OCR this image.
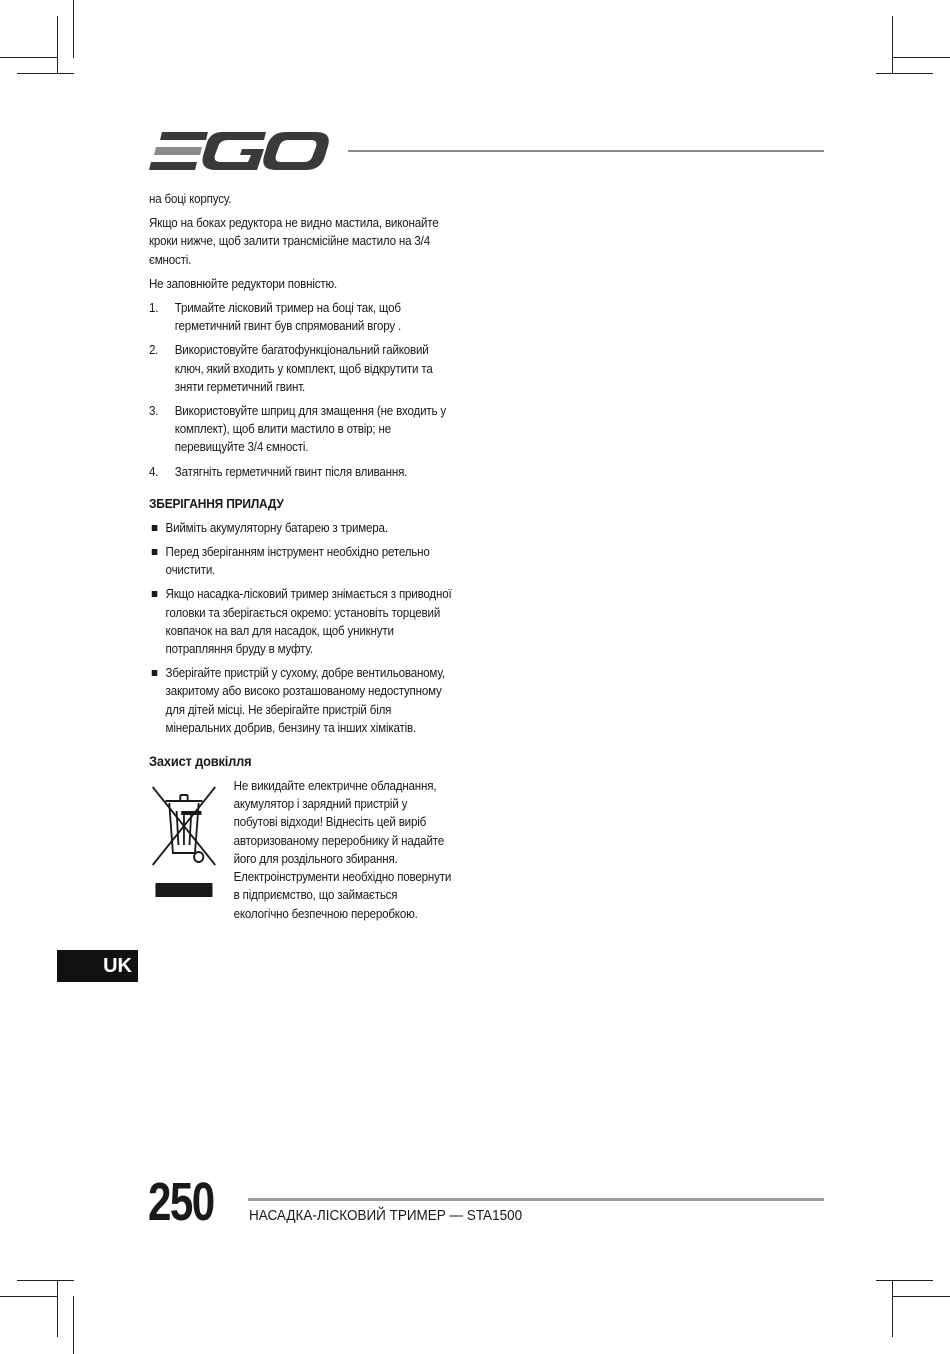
на боці корпусу.

Якщо на боках редуктора не видно мастила, виконайте кроки нижче, щоб залити трансмісійне мастило на 3/4 ємності.

Не заповнюйте редуктори повністю.

1. Тримайте лісковий тример на боці так, щоб герметичний гвинт був спрямований вгору .
2. Використовуйте багатофункціональний гайковий ключ, який входить у комплект, щоб відкрутити та зняти герметичний гвинт.
3. Використовуйте шприц для змащення (не входить у комплект), щоб влити мастило в отвір; не перевищуйте 3/4 ємності.
4. Затягніть герметичний гвинт після вливання.
ЗБЕРІГАННЯ ПРИЛАДУ
Вийміть акумуляторну батарею з тримера.
Перед зберіганням інструмент необхідно ретельно очистити.
Якщо насадка-лісковий тример знімається з приводної головки та зберігається окремо: установіть торцевий ковпачок на вал для насадок, щоб уникнути потрапляння бруду в муфту.
Зберігайте пристрій у сухому, добре вентильованому, закритому або високо розташованому недоступному для дітей місці. Не зберігайте пристрій біля мінеральних добрив, бензину та інших хімікатів.
Захист довкілля
Не викидайте електричне обладнання, акумулятор і зарядний пристрій у побутові відходи! Віднесіть цей виріб авторизованому переробнику й надайте його для роздільного збирання. Електроінструменти необхідно повернути в підприємство, що займається екологічно безпечною переробкою.
UK
250 НАСАДКА-ЛІСКОВИЙ ТРИМЕР — STA1500
